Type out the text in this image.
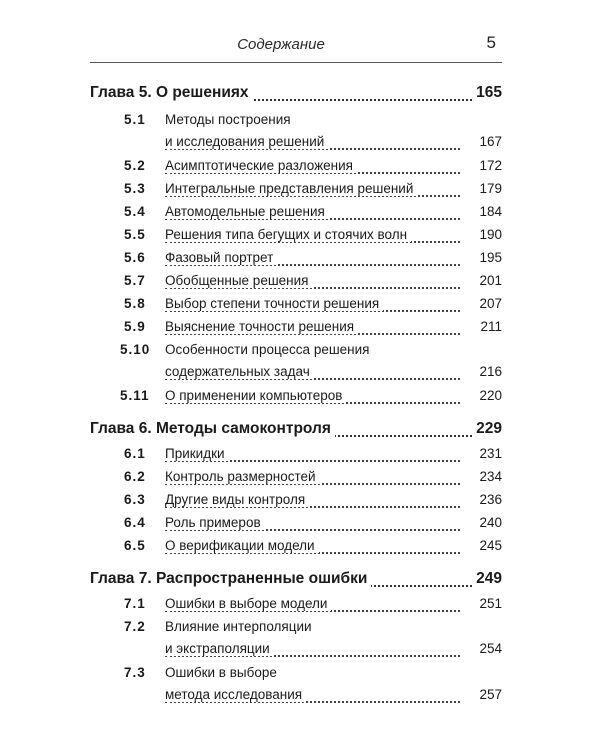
Содержание	5
Глава 5. О решениях	165
5.1 Методы построения
и исследования решений	167
5.2 Асимптотические разложения	172
5.3 Интегральные представления решений	179
5.4 Автомодельные решения	184
5.5 Решения типа бегущих и стоячих волн	190
5.6 Фазовый портрет	195
5.7 Обобщенные решения	201
5.8 Выбор степени точности решения	207
5.9 Выяснение точности решения	211
5.10 Особенности процесса решения
содержательных задач	216
5.11 О применении компьютеров	220
Глава 6. Методы самоконтроля	229
6.1 Прикидки	231
6.2 Контроль размерностей	234
6.3 Другие виды контроля	236
6.4 Роль примеров	240
6.5 О верификации модели	245
Глава 7. Распространенные ошибки	249
7.1 Ошибки в выборе модели	251
7.2 Влияние интерполяции
и экстраполяции	254
7.3 Ошибки в выборе
метода исследования	257
